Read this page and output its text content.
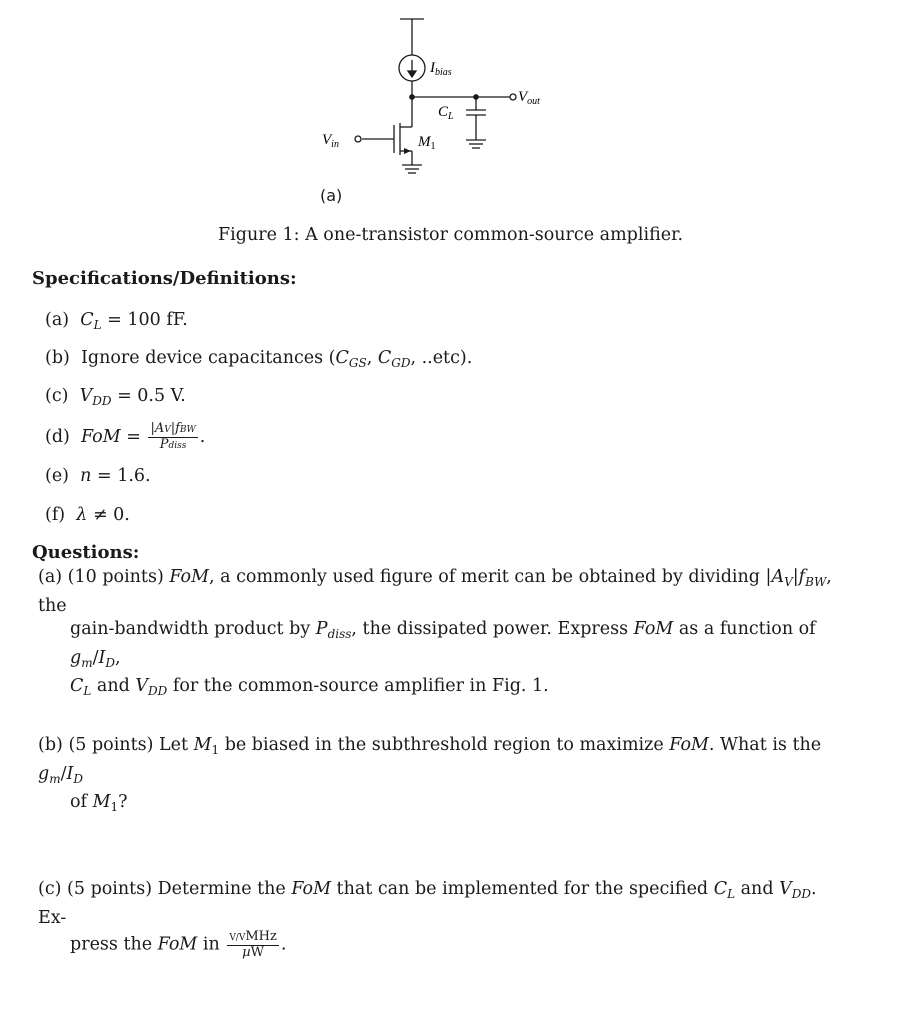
$I_{bias}$
$V_{out}$
$C_L$
$V_{in}$	$M_1$
(a)
Figure 1: A one-transistor common-source amplifier.
Specifications/Definitions:
(a) $C_L = 100$ fF.
(b)  Ignore device capacitances ($C_{GS}$, $C_{GD}$, ..etc).
(c) $V_{DD} = 0.5$ V.
(d) FoM = $\frac{\text{|AV|fBW}}{\text{Pdiss}}$ .
(e) n = 1.6.
(f) λ ≠ 0.
Questions:
(a) (10 points) FoM, a commonly used figure of merit can be obtained by dividing $|A_V|f_{BW}$, the
gain-bandwidth product by $P_{diss}$, the dissipated power. Express FoM as a function of $g_m/I_D$,
$C_L$ and $V_{DD}$ for the common-source amplifier in Fig. 1.
(b) (5 points) Let $M_1$ be biased in the subthreshold region to maximize FoM. What is the $g_m/I_D$
of $M_1$?
(c) (5 points) Determine the FoM that can be implemented for the specified $C_L$ and $V_{DD}$. Ex-
press the FoM in $\frac{\text{V/VMHz}}{\text{µW}}$ .
